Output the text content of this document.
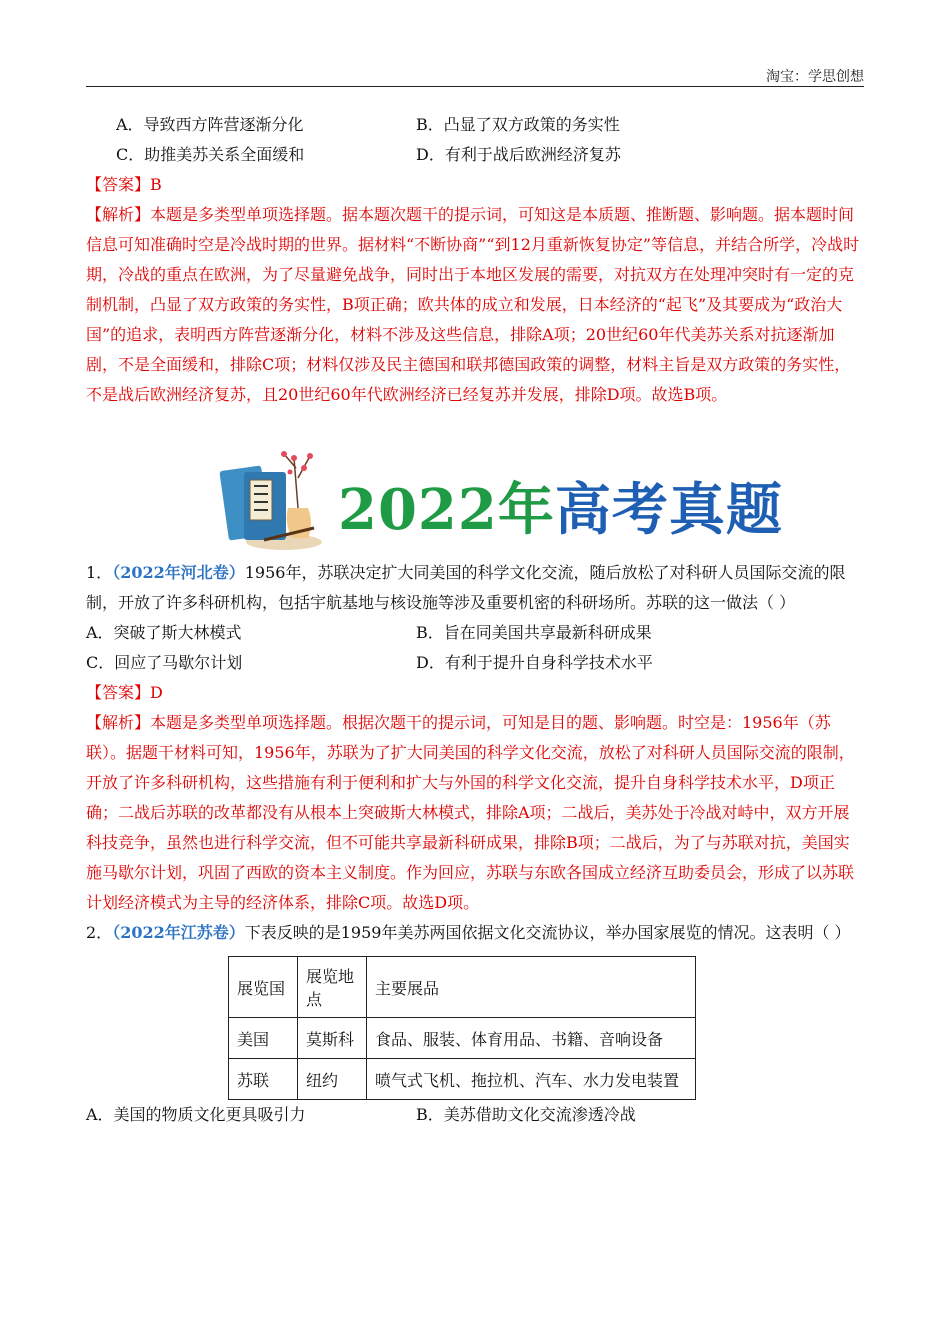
淘宝：学思创想
A．导致西方阵营逐渐分化	B．凸显了双方政策的务实性
C．助推美苏关系全面缓和	D．有利于战后欧洲经济复苏
【答案】B
【解析】本题是多类型单项选择题。据本题次题干的提示词，可知这是本质题、推断题、影响题。据本题时间信息可知准确时空是冷战时期的世界。据材料“不断协商”“到12月重新恢复协定”等信息，并结合所学，冷战时期，冷战的重点在欧洲，为了尽量避免战争，同时出于本地区发展的需要，对抗双方在处理冲突时有一定的克制机制，凸显了双方政策的务实性，B项正确；欧共体的成立和发展，日本经济的“起飞”及其要成为“政治大国”的追求，表明西方阵营逐渐分化，材料不涉及这些信息，排除A项；20世纪60年代美苏关系对抗逐渐加剧，不是全面缓和，排除C项；材料仅涉及民主德国和联邦德国政策的调整，材料主旨是双方政策的务实性，不是战后欧洲经济复苏，且20世纪60年代欧洲经济已经复苏并发展，排除D项。故选B项。
2022年高考真题

1．（2022年河北卷）1956年，苏联决定扩大同美国的科学文化交流，随后放松了对科研人员国际交流的限制，开放了许多科研机构，包括宇航基地与核设施等涉及重要机密的科研场所。苏联的这一做法（ ）

A．突破了斯大林模式	B．旨在同美国共享最新科研成果
C．回应了马歇尔计划	D．有利于提升自身科学技术水平
【答案】D
【解析】本题是多类型单项选择题。根据次题干的提示词，可知是目的题、影响题。时空是：1956年（苏联）。据题干材料可知，1956年，苏联为了扩大同美国的科学文化交流，放松了对科研人员国际交流的限制，开放了许多科研机构，这些措施有利于便利和扩大与外国的科学文化交流，提升自身科学技术水平，D项正确；二战后苏联的改革都没有从根本上突破斯大林模式，排除A项；二战后，美苏处于冷战对峙中，双方开展科技竞争，虽然也进行科学交流，但不可能共享最新科研成果，排除B项；二战后，为了与苏联对抗，美国实施马歇尔计划，巩固了西欧的资本主义制度。作为回应，苏联与东欧各国成立经济互助委员会，形成了以苏联计划经济模式为主导的经济体系，排除C项。故选D项。

2．（2022年江苏卷）下表反映的是1959年美苏两国依据文化交流协议，举办国家展览的情况。这表明（ ）

展览国	展览地点	主要展品
美国	莫斯科	食品、服装、体育用品、书籍、音响设备
苏联	纽约	喷气式飞机、拖拉机、汽车、水力发电装置
A．美国的物质文化更具吸引力	B．美苏借助文化交流渗透冷战
